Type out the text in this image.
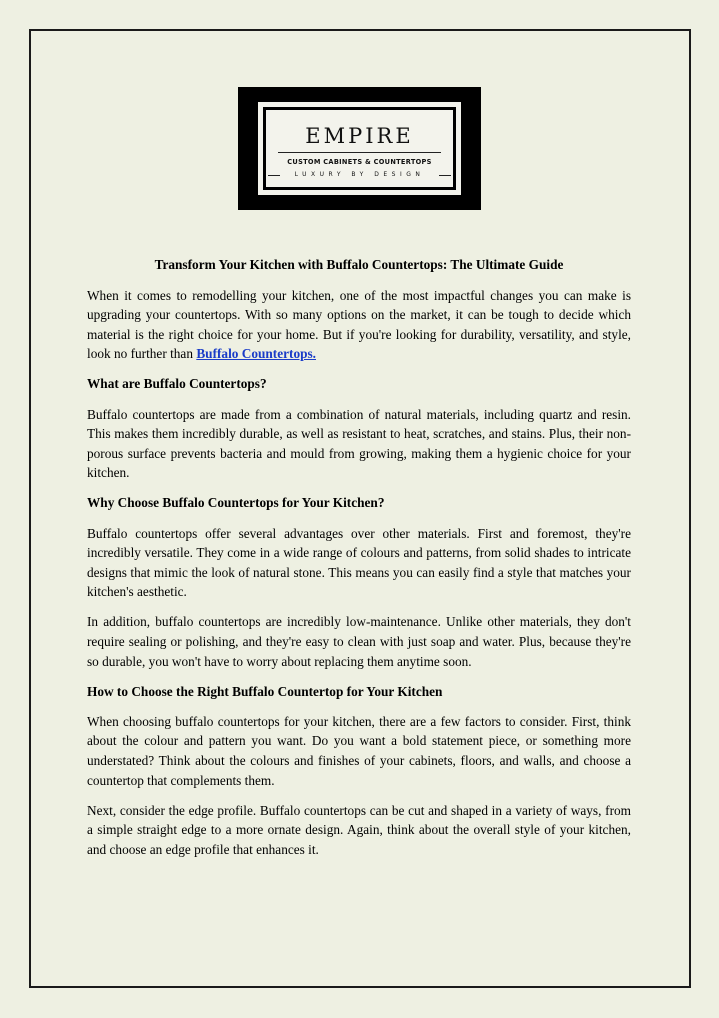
EMPIRE
CUSTOM CABINETS & COUNTERTOPS
LUXURY BY DESIGN
Transform Your Kitchen with Buffalo Countertops: The Ultimate Guide

When it comes to remodelling your kitchen, one of the most impactful changes you can make is upgrading your countertops. With so many options on the market, it can be tough to decide which material is the right choice for your home. But if you're looking for durability, versatility, and style, look no further than Buffalo Countertops.

What are Buffalo Countertops?

Buffalo countertops are made from a combination of natural materials, including quartz and resin. This makes them incredibly durable, as well as resistant to heat, scratches, and stains. Plus, their non-porous surface prevents bacteria and mould from growing, making them a hygienic choice for your kitchen.

Why Choose Buffalo Countertops for Your Kitchen?

Buffalo countertops offer several advantages over other materials. First and foremost, they're incredibly versatile. They come in a wide range of colours and patterns, from solid shades to intricate designs that mimic the look of natural stone. This means you can easily find a style that matches your kitchen's aesthetic.

In addition, buffalo countertops are incredibly low-maintenance. Unlike other materials, they don't require sealing or polishing, and they're easy to clean with just soap and water. Plus, because they're so durable, you won't have to worry about replacing them anytime soon.

How to Choose the Right Buffalo Countertop for Your Kitchen

When choosing buffalo countertops for your kitchen, there are a few factors to consider. First, think about the colour and pattern you want. Do you want a bold statement piece, or something more understated? Think about the colours and finishes of your cabinets, floors, and walls, and choose a countertop that complements them.

Next, consider the edge profile. Buffalo countertops can be cut and shaped in a variety of ways, from a simple straight edge to a more ornate design. Again, think about the overall style of your kitchen, and choose an edge profile that enhances it.
